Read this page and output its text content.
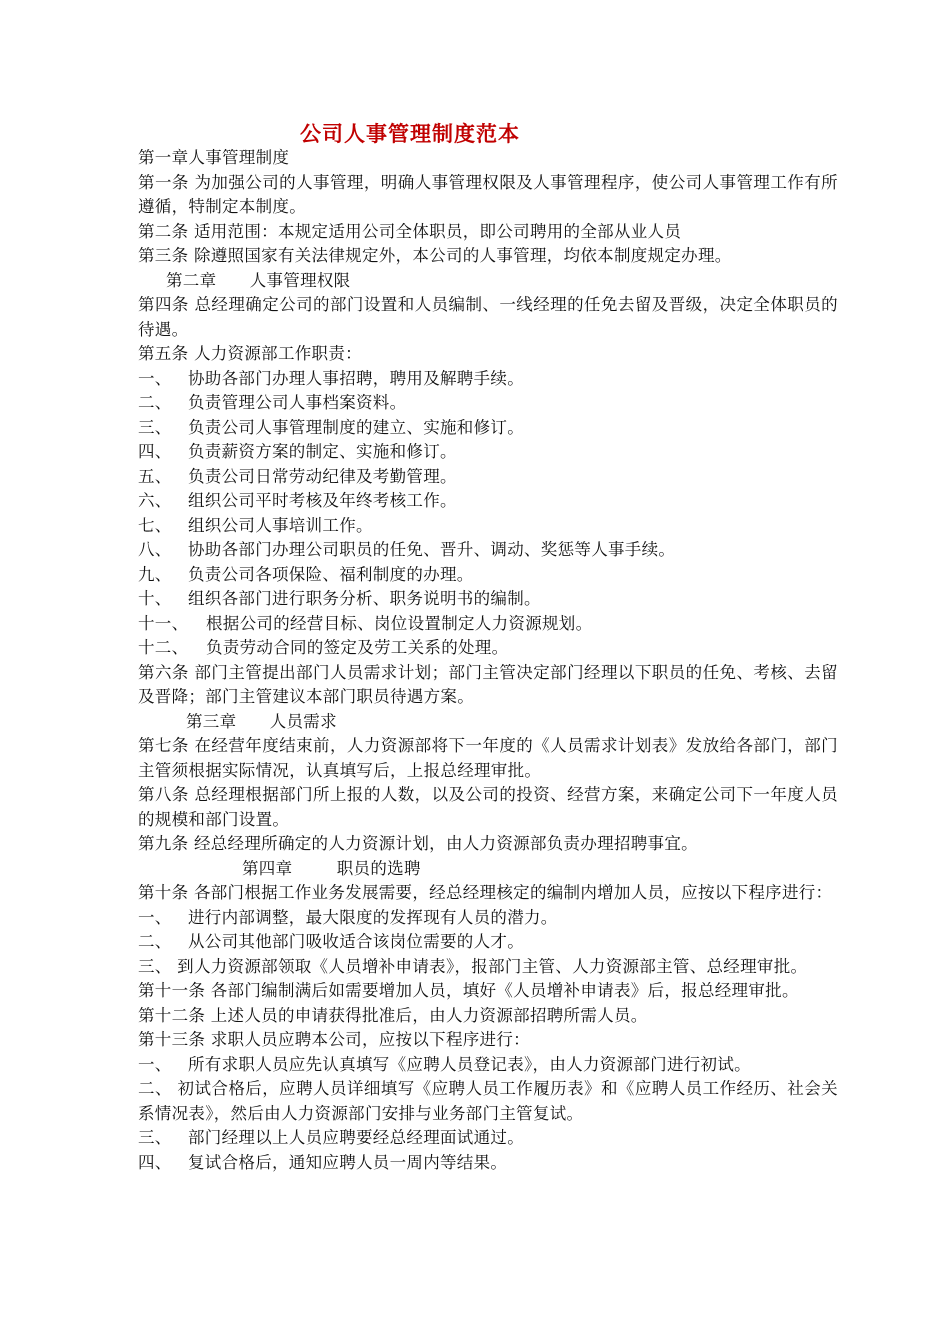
公司人事管理制度范本

第一章人事管理制度

第一条 为加强公司的人事管理，明确人事管理权限及人事管理程序，使公司人事管理工作有所遵循，特制定本制度。

第二条 适用范围：本规定适用公司全体职员，即公司聘用的全部从业人员

第三条 除遵照国家有关法律规定外，本公司的人事管理，均依本制度规定办理。

第二章      人事管理权限

第四条 总经理确定公司的部门设置和人员编制、一线经理的任免去留及晋级，决定全体职员的待遇。

第五条 人力资源部工作职责：

一、 协助各部门办理人事招聘，聘用及解聘手续。

二、 负责管理公司人事档案资料。

三、 负责公司人事管理制度的建立、实施和修订。

四、 负责薪资方案的制定、实施和修订。

五、 负责公司日常劳动纪律及考勤管理。

六、 组织公司平时考核及年终考核工作。

七、 组织公司人事培训工作。

八、 协助各部门办理公司职员的任免、晋升、调动、奖惩等人事手续。

九、 负责公司各项保险、福利制度的办理。

十、 组织各部门进行职务分析、职务说明书的编制。

十一、 根据公司的经营目标、岗位设置制定人力资源规划。

十二、 负责劳动合同的签定及劳工关系的处理。

第六条 部门主管提出部门人员需求计划；部门主管决定部门经理以下职员的任免、考核、去留及晋降；部门主管建议本部门职员待遇方案。

第三章      人员需求

第七条 在经营年度结束前，人力资源部将下一年度的《人员需求计划表》发放给各部门，部门主管须根据实际情况，认真填写后，上报总经理审批。

第八条 总经理根据部门所上报的人数，以及公司的投资、经营方案，来确定公司下一年度人员的规模和部门设置。

第九条 经总经理所确定的人力资源计划，由人力资源部负责办理招聘事宜。

第四章        职员的选聘

第十条 各部门根据工作业务发展需要，经总经理核定的编制内增加人员，应按以下程序进行：

一、 进行内部调整，最大限度的发挥现有人员的潜力。

二、 从公司其他部门吸收适合该岗位需要的人才。

三、 到人力资源部领取《人员增补申请表》，报部门主管、人力资源部主管、总经理审批。

第十一条 各部门编制满后如需要增加人员，填好《人员增补申请表》后，报总经理审批。

第十二条 上述人员的申请获得批准后，由人力资源部招聘所需人员。

第十三条 求职人员应聘本公司，应按以下程序进行：

一、 所有求职人员应先认真填写《应聘人员登记表》，由人力资源部门进行初试。

二、 初试合格后，应聘人员详细填写《应聘人员工作履历表》和《应聘人员工作经历、社会关系情况表》，然后由人力资源部门安排与业务部门主管复试。

三、 部门经理以上人员应聘要经总经理面试通过。

四、 复试合格后，通知应聘人员一周内等结果。
